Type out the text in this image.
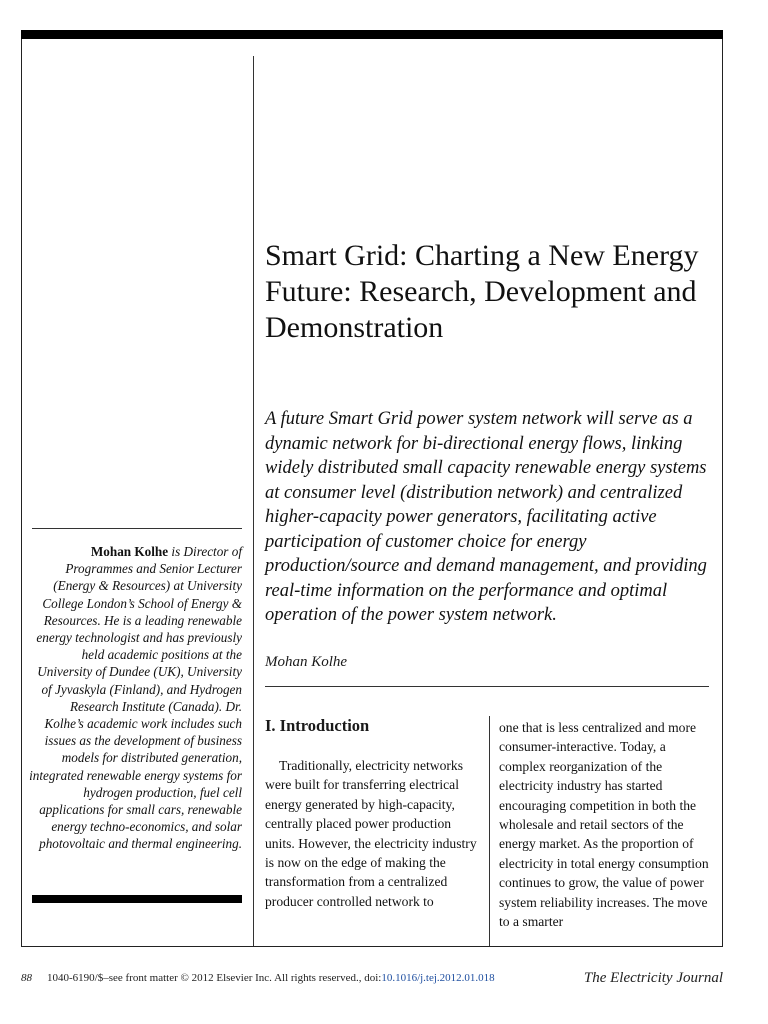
Smart Grid: Charting a New Energy Future: Research, Development and Demonstration

A future Smart Grid power system network will serve as a dynamic network for bi-directional energy flows, linking widely distributed small capacity renewable energy systems at consumer level (distribution network) and centralized higher-capacity power generators, facilitating active participation of customer choice for energy production/source and demand management, and providing real-time information on the performance and optimal operation of the power system network.

Mohan Kolhe

Mohan Kolhe is Director of Programmes and Senior Lecturer (Energy & Resources) at University College London’s School of Energy & Resources. He is a leading renewable energy technologist and has previously held academic positions at the University of Dundee (UK), University of Jyvaskyla (Finland), and Hydrogen Research Institute (Canada). Dr. Kolhe’s academic work includes such issues as the development of business models for distributed generation, integrated renewable energy systems for hydrogen production, fuel cell applications for small cars, renewable energy techno-economics, and solar photovoltaic and thermal engineering.

I. Introduction

Traditionally, electricity networks were built for transferring electrical energy generated by high-capacity, centrally placed power production units. However, the electricity industry is now on the edge of making the transformation from a centralized producer controlled network to

one that is less centralized and more consumer-interactive. Today, a complex reorganization of the electricity industry has started encouraging competition in both the wholesale and retail sectors of the energy market. As the proportion of electricity in total energy consumption continues to grow, the value of power system reliability increases. The move to a smarter

88 1040-6190/$–see front matter © 2012 Elsevier Inc. All rights reserved., doi:10.1016/j.tej.2012.01.018	The Electricity Journal
